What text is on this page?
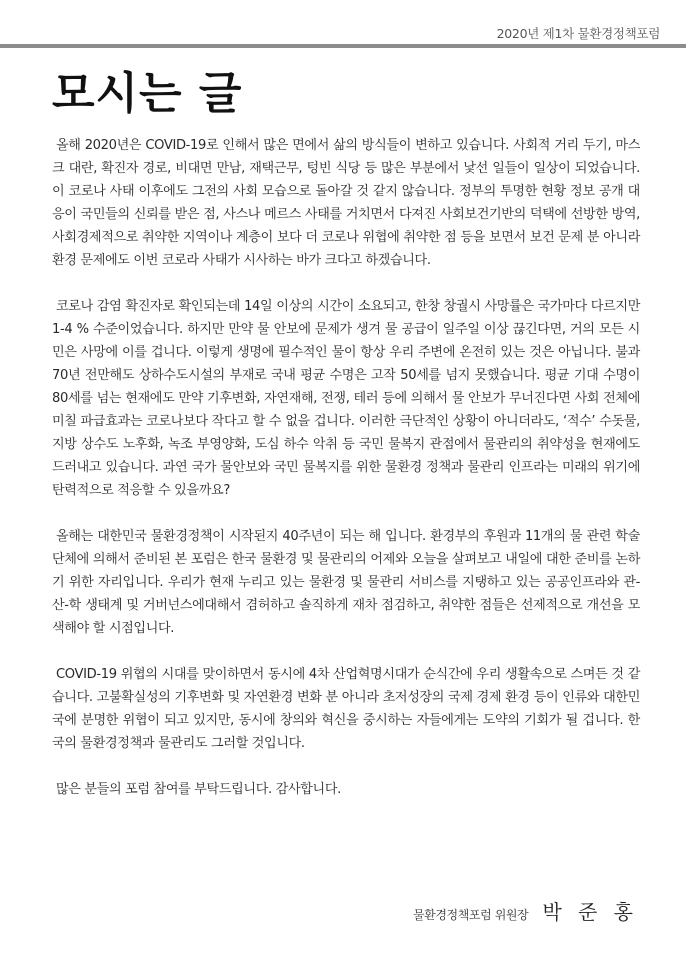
2020년 제1차 물환경정책포럼
모시는 글

올해 2020년은 COVID-19로 인해서 많은 면에서 삶의 방식들이 변하고 있습니다. 사회적 거리 두기, 마스크 대란, 확진자 경로, 비대면 만남, 재택근무, 텅빈 식당 등 많은 부분에서 낯선 일들이 일상이 되었습니다. 이 코로나 사태 이후에도 그전의 사회 모습으로 돌아갈 것 같지 않습니다. 정부의 투명한 현황 정보 공개 대응이 국민들의 신뢰를 받은 점, 사스나 메르스 사태를 거치면서 다져진 사회보건기반의 덕택에 선방한 방역, 사회경제적으로 취약한 지역이나 계층이 보다 더 코로나 위협에 취약한 점 등을 보면서 보건 문제 분 아니라 환경 문제에도 이번 코로라 사태가 시사하는 바가 크다고 하겠습니다.

코로나 감염 확진자로 확인되는데 14일 이상의 시간이 소요되고, 한창 창궐시 사망률은 국가마다 다르지만 1-4 % 수준이었습니다. 하지만 만약 물 안보에 문제가 생겨 물 공급이 일주일 이상 끊긴다면, 거의 모든 시민은 사망에 이를 겁니다. 이렇게 생명에 필수적인 물이 항상 우리 주변에 온전히 있는 것은 아닙니다. 불과 70년 전만해도 상하수도시설의 부재로 국내 평균 수명은 고작 50세를 넘지 못했습니다. 평균 기대 수명이 80세를 넘는 현재에도 만약 기후변화, 자연재해, 전쟁, 테러 등에 의해서 물 안보가 무너진다면 사회 전체에 미칠 파급효과는 코로나보다 작다고 할 수 없을 겁니다. 이러한 극단적인 상황이 아니더라도, ‘적수’ 수돗물, 지방 상수도 노후화, 녹조 부영양화, 도심 하수 악취 등 국민 물복지 관점에서 물관리의 취약성을 현재에도 드러내고 있습니다. 과연 국가 물안보와 국민 물복지를 위한 물환경 정책과 물관리 인프라는 미래의 위기에 탄력적으로 적응할 수 있을까요?

올해는 대한민국 물환경정책이 시작된지 40주년이 되는 해 입니다. 환경부의 후원과 11개의 물 관련 학술단체에 의해서 준비된 본 포럼은 한국 물환경 및 물관리의 어제와 오늘을 살펴보고 내일에 대한 준비를 논하기 위한 자리입니다. 우리가 현재 누리고 있는 물환경 및 물관리 서비스를 지탱하고 있는 공공인프라와 관-산-학 생태계 및 거버넌스에대해서 겸허하고 솔직하게 재차 점검하고, 취약한 점들은 선제적으로 개선을 모색해야 할 시점입니다.

COVID-19 위협의 시대를 맞이하면서 동시에 4차 산업혁명시대가 순식간에 우리 생활속으로 스며든 것 같습니다. 고불확실성의 기후변화 및 자연환경 변화 분 아니라 초저성장의 국제 경제 환경 등이 인류와 대한민국에 분명한 위협이 되고 있지만, 동시에 창의와 혁신을 중시하는 자들에게는 도약의 기회가 될 겁니다. 한국의 물환경정책과 물관리도 그러할 것입니다.

많은 분들의 포럼 참여를 부탁드립니다. 감사합니다.

물환경정책포럼 위원장 박 준 홍
